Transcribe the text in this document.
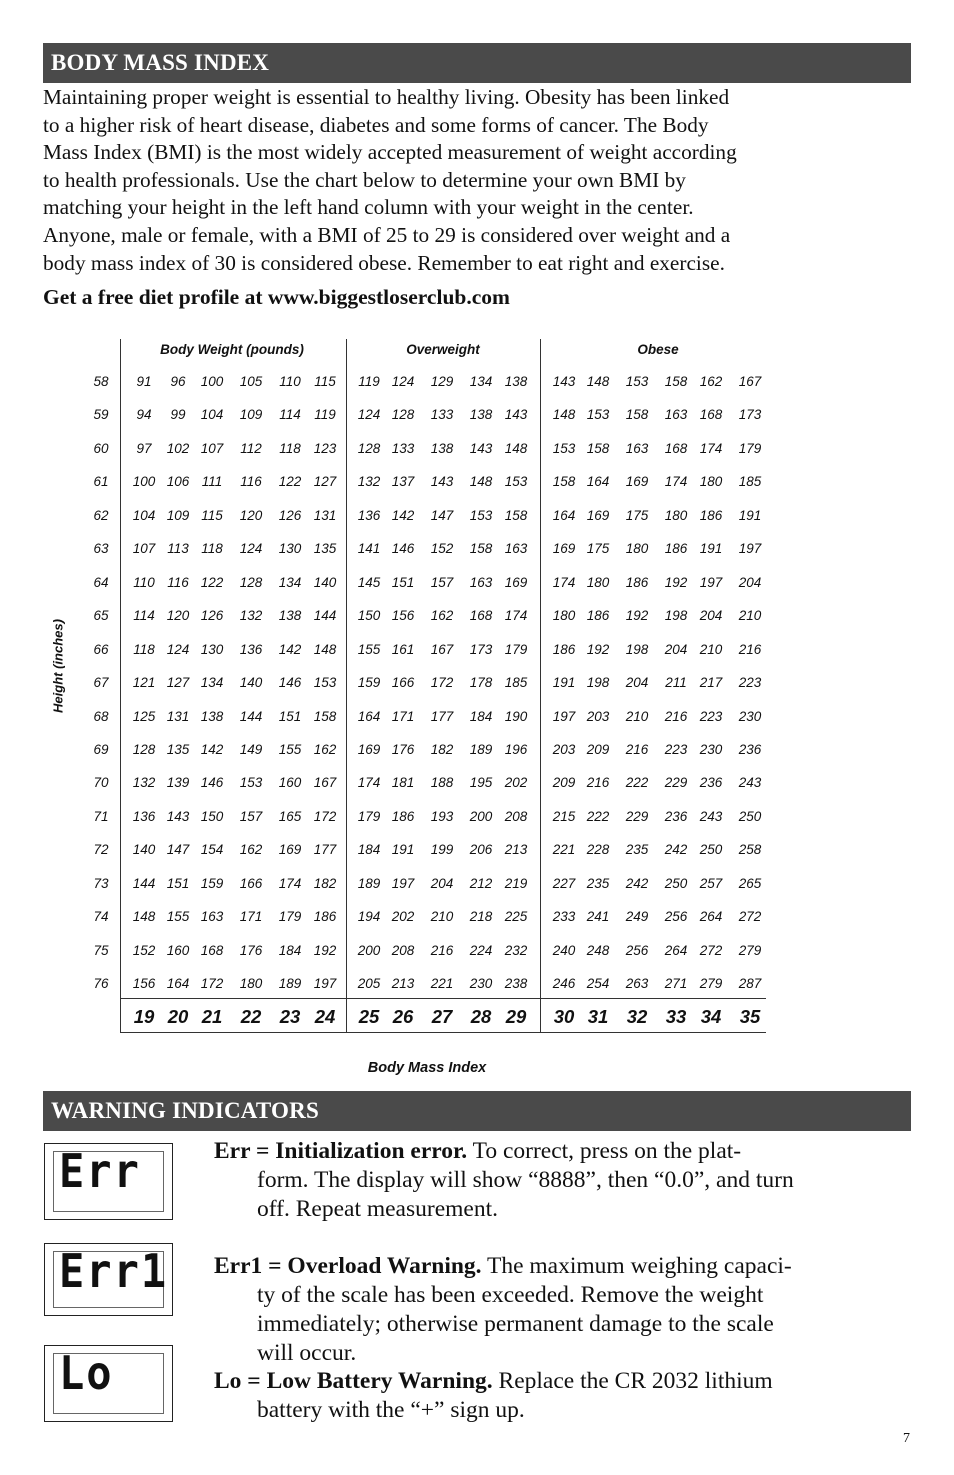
BODY MASS INDEX
Maintaining proper weight is essential to healthy living. Obesity has been linked
to a higher risk of heart disease, diabetes and some forms of cancer. The Body
Mass Index (BMI) is the most widely accepted measurement of weight according
to health professionals. Use the chart below to determine your own BMI by
matching your height in the left hand column with your weight in the center.
Anyone, male or female, with a BMI of 25 to 29 is considered over weight and a
body mass index of 30 is considered obese. Remember to eat right and exercise.
Get a free diet profile at www.biggestloserclub.com
Height (inches)
Body Weight (pounds)	Overweight	Obese
58	91	96	100	105	110 115	119 124	129	134 138	143 148	153	158 162	167
59	94	99	104	109	114 119	124 128	133	138 143	148 153	158	163 168	173
60	97	102 107	112	118 123	128 133	138	143 148	153 158	163	168 174	179
61	100 106 111	116	122 127	132 137	143	148 153	158 164	169	174 180	185
62	104 109 115	120	126 131	136 142	147	153 158	164 169	175	180 186	191
63	107 113 118	124	130 135	141 146	152	158 163	169 175	180	186 191	197
64	110 116 122	128	134 140	145 151	157	163 169	174 180	186	192 197	204
65	114 120 126	132	138 144	150 156	162	168 174	180 186	192	198 204	210
66	118 124 130	136	142 148	155 161	167	173 179	186 192	198	204 210	216
67	121 127 134	140	146 153	159 166	172	178 185	191 198	204	211 217	223
68	125 131 138	144	151 158	164 171	177	184 190	197 203	210	216 223	230
69	128 135 142	149	155 162	169 176	182	189 196	203 209	216	223 230	236
70	132 139 146	153	160 167	174 181	188	195 202	209 216	222	229 236	243
71	136 143 150	157	165 172	179 186	193	200 208	215 222	229	236 243	250
72	140 147 154	162	169 177	184 191	199	206 213	221 228	235	242 250	258
73	144 151 159	166	174 182	189 197	204	212 219	227 235	242	250 257	265
74	148 155 163	171	179 186	194 202	210	218 225	233 241	249	256 264	272
75	152 160 168	176	184 192	200 208	216	224 232	240 248	256	264 272	279
76	156 164 172	180	189 197	205 213	221	230 238	246 254	263	271 279	287
19 20 21 22 23 24	25 26 27 28 29	30 31 32 33 34 35
Body Mass Index
WARNING INDICATORS
Err
Err1
Lo
Err = Initialization error. To correct, press on the plat-
form. The display will show “8888”, then “0.0”, and turn
off. Repeat measurement.
Err1 = Overload Warning. The maximum weighing capaci-
ty of the scale has been exceeded. Remove the weight
immediately; otherwise permanent damage to the scale
will occur.
Lo = Low Battery Warning. Replace the CR 2032 lithium
battery with the “+” sign up.
7
